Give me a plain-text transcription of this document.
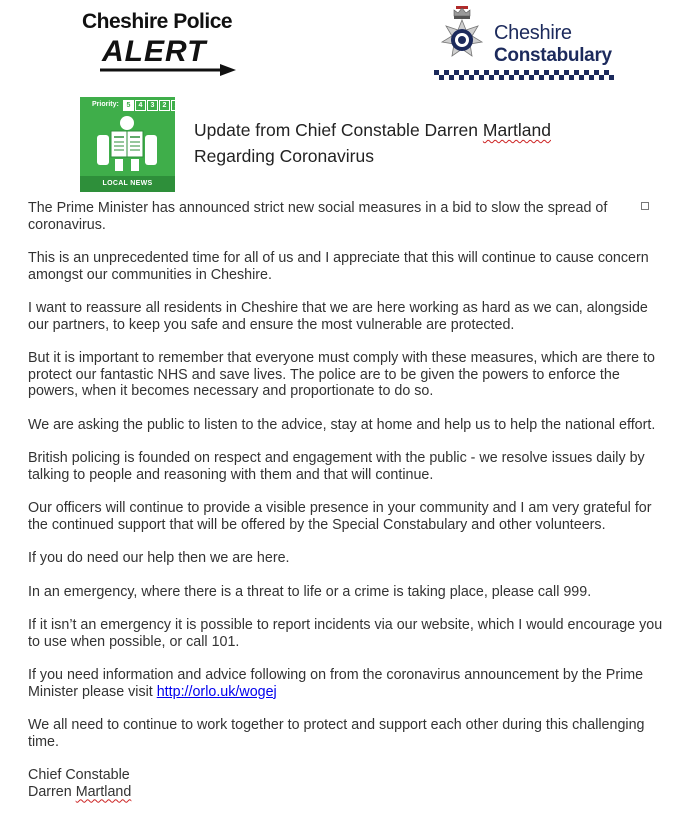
Cheshire Police
ALERT
Cheshire
Constabulary
Priority:	5	4	3	2	1
LOCAL NEWS
Update from Chief Constable Darren Martland
Regarding Coronavirus

The Prime Minister has announced strict new social measures in a bid to slow the spread of coronavirus.

This is an unprecedented time for all of us and I appreciate that this will continue to cause concern amongst our communities in Cheshire.

I want to reassure all residents in Cheshire that we are here working as hard as we can, alongside our partners, to keep you safe and ensure the most vulnerable are protected.

But it is important to remember that everyone must comply with these measures, which are there to protect our fantastic NHS and save lives. The police are to be given the powers to enforce the powers, when it becomes necessary and proportionate to do so.

We are asking the public to listen to the advice, stay at home and help us to help the national effort.

British policing is founded on respect and engagement with the public - we resolve issues daily by talking to people and reasoning with them and that will continue.

Our officers will continue to provide a visible presence in your community and I am very grateful for the continued support that will be offered by the Special Constabulary and other volunteers.

If you do need our help then we are here.

In an emergency, where there is a threat to life or a crime is taking place, please call 999.

If it isn’t an emergency it is possible to report incidents via our website, which I would encourage you to use when possible, or call 101.

If you need information and advice following on from the coronavirus announcement by the Prime Minister please visit http://orlo.uk/wogej

We all need to continue to work together to protect and support each other during this challenging time.

Chief Constable

Darren Martland
